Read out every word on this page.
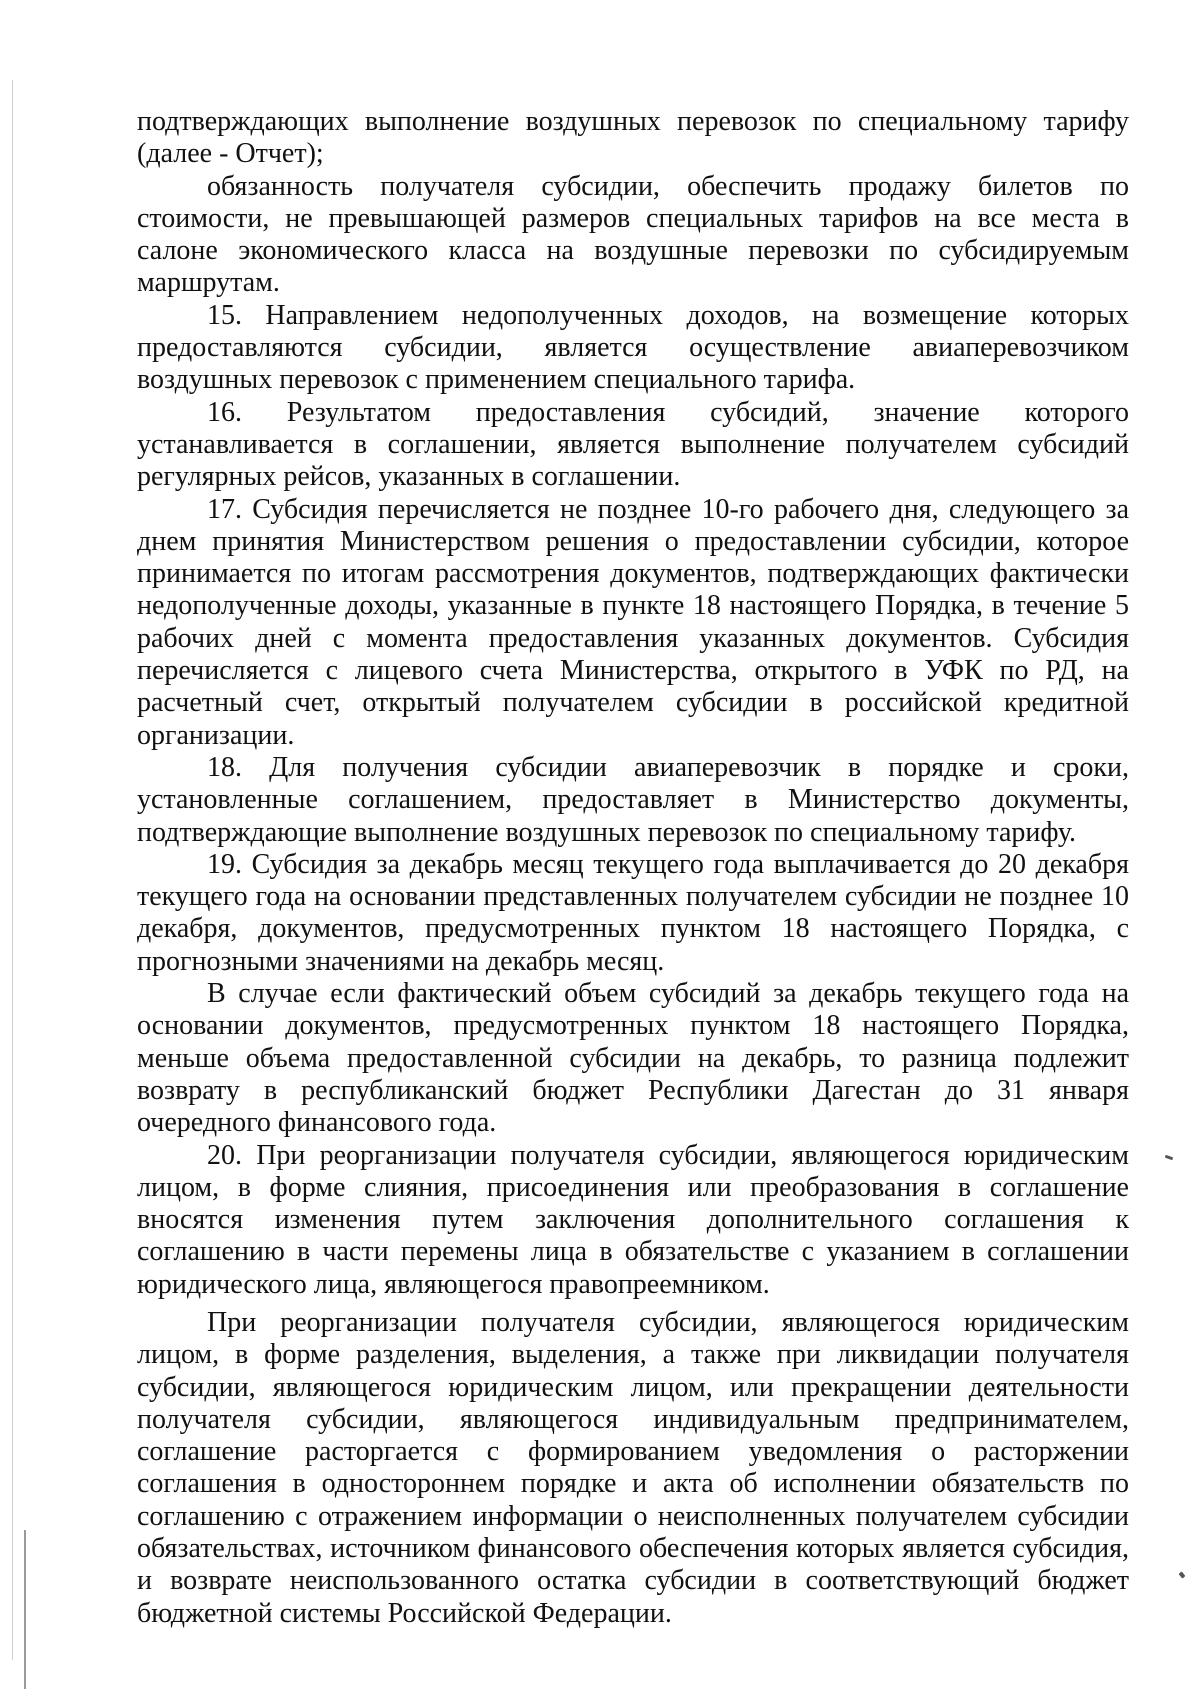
подтверждающих выполнение воздушных перевозок по специальному тарифу (далее - Отчет);

обязанность получателя субсидии, обеспечить продажу билетов по стоимости, не превышающей размеров специальных тарифов на все места в салоне экономического класса на воздушные перевозки по субсидируемым маршрутам.

15. Направлением недополученных доходов, на возмещение которых предоставляются субсидии, является осуществление авиаперевозчиком воздушных перевозок с применением специального тарифа.

16. Результатом предоставления субсидий, значение которого устанавливается в соглашении, является выполнение получателем субсидий регулярных рейсов, указанных в соглашении.

17. Субсидия перечисляется не позднее 10-го рабочего дня, следующего за днем принятия Министерством решения о предоставлении субсидии, которое принимается по итогам рассмотрения документов, подтверждающих фактически недополученные доходы, указанные в пункте 18 настоящего Порядка, в течение 5 рабочих дней с момента предоставления указанных документов. Субсидия перечисляется с лицевого счета Министерства, открытого в УФК по РД, на расчетный счет, открытый получателем субсидии в российской кредитной организации.

18. Для получения субсидии авиаперевозчик в порядке и сроки, установленные соглашением, предоставляет в Министерство документы, подтверждающие выполнение воздушных перевозок по специальному тарифу.

19. Субсидия за декабрь месяц текущего года выплачивается до 20 декабря текущего года на основании представленных получателем субсидии не позднее 10 декабря, документов, предусмотренных пунктом 18 настоящего Порядка, с прогнозными значениями на декабрь месяц.

В случае если фактический объем субсидий за декабрь текущего года на основании документов, предусмотренных пунктом 18 настоящего Порядка, меньше объема предоставленной субсидии на декабрь, то разница подлежит возврату в республиканский бюджет Республики Дагестан до 31 января очередного финансового года.

20. При реорганизации получателя субсидии, являющегося юридическим лицом, в форме слияния, присоединения или преобразования в соглашение вносятся изменения путем заключения дополнительного соглашения к соглашению в части перемены лица в обязательстве с указанием в соглашении юридического лица, являющегося правопреемником.

При реорганизации получателя субсидии, являющегося юридическим лицом, в форме разделения, выделения, а также при ликвидации получателя субсидии, являющегося юридическим лицом, или прекращении деятельности получателя субсидии, являющегося индивидуальным предпринимателем, соглашение расторгается с формированием уведомления о расторжении соглашения в одностороннем порядке и акта об исполнении обязательств по соглашению с отражением информации о неисполненных получателем субсидии обязательствах, источником финансового обеспечения которых является субсидия, и возврате неиспользованного остатка субсидии в соответствующий бюджет бюджетной системы Российской Федерации.
